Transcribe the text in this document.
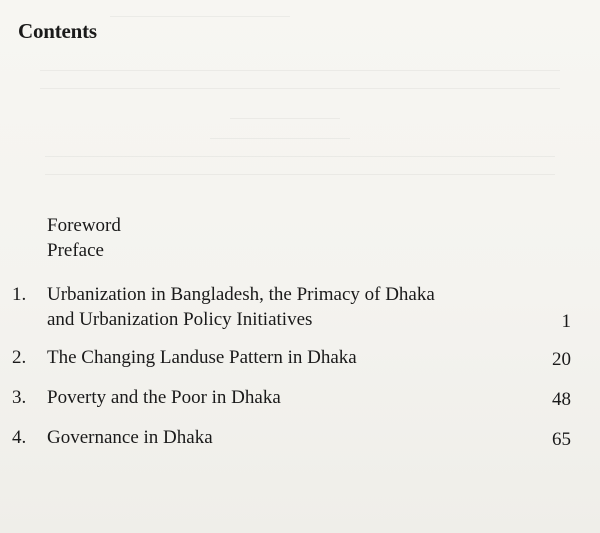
Contents
Foreword
Preface
1. Urbanization in Bangladesh, the Primacy of Dhaka
and Urbanization Policy Initiatives	1
2. The Changing Landuse Pattern in Dhaka	20
3. Poverty and the Poor in Dhaka	48
4. Governance in Dhaka	65
